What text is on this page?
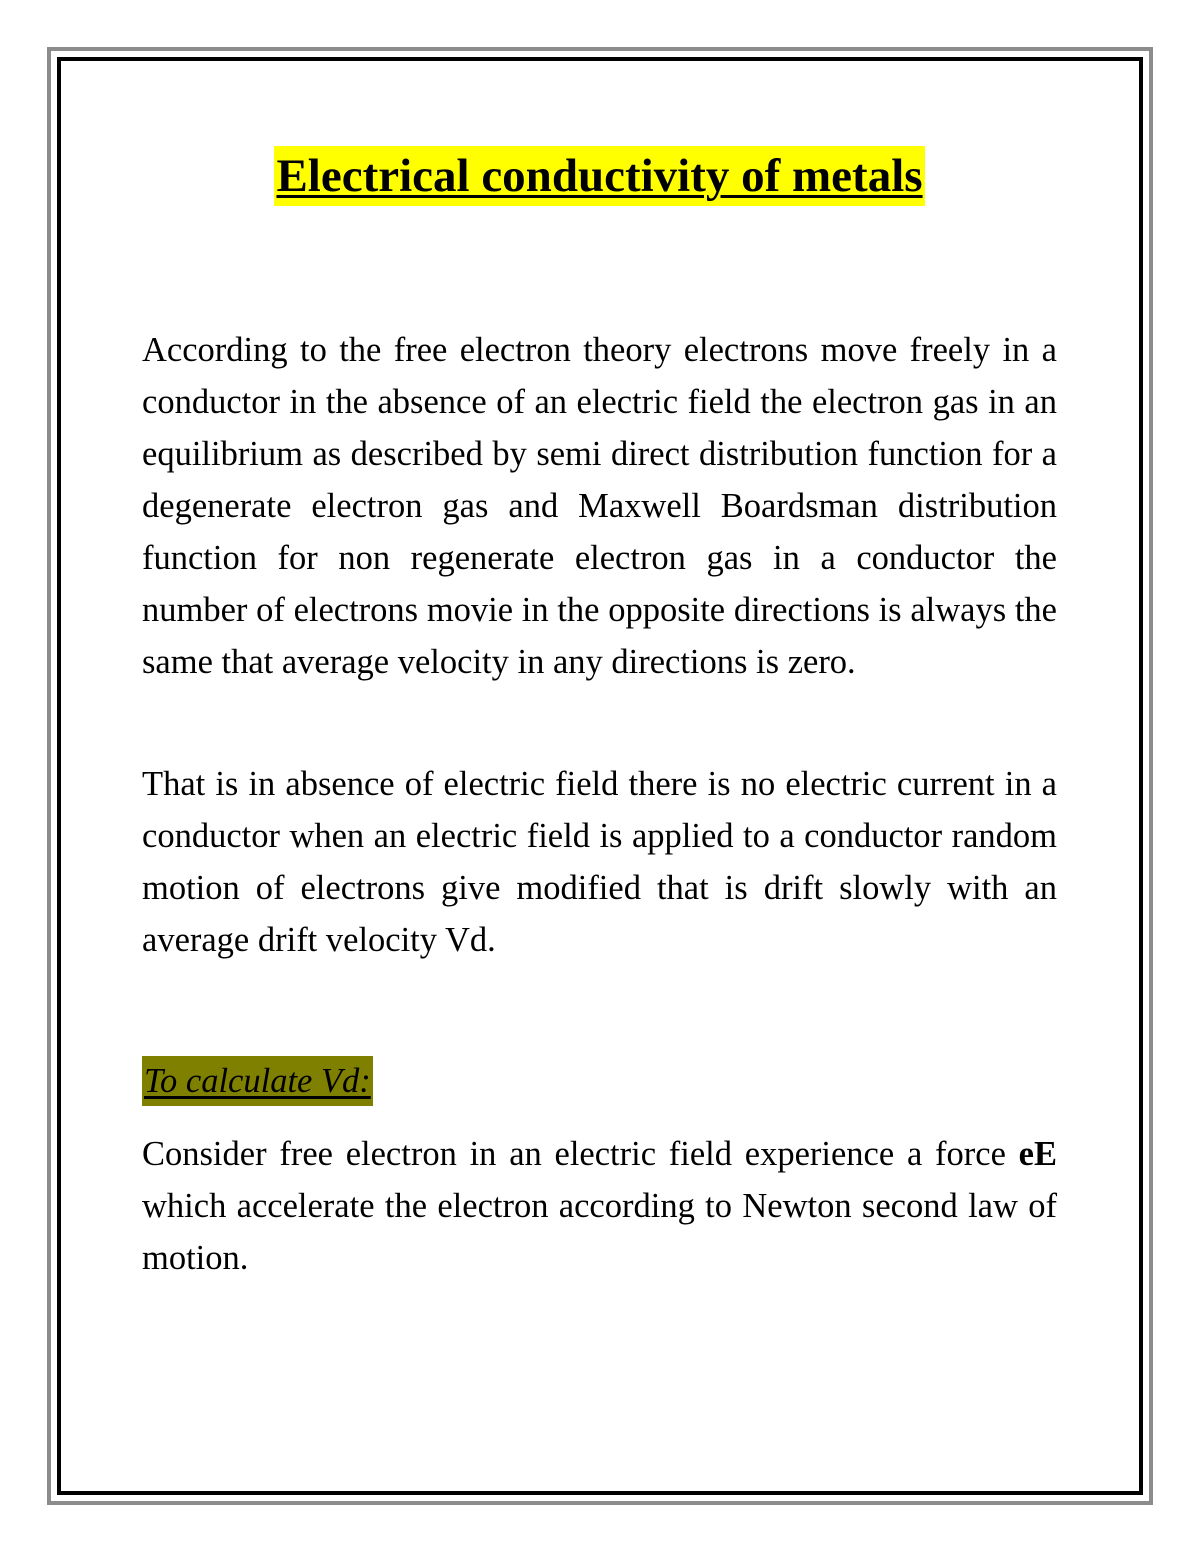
Electrical conductivity of metals

According to the free electron theory electrons move freely in a conductor in the absence of an electric field the electron gas in an equilibrium as described by semi direct distribution function for a degenerate electron gas and Maxwell Boardsman distribution function for non regenerate electron gas in a conductor the number of electrons movie in the opposite directions is always the same that average velocity in any directions is zero.

That is in absence of electric field there is no electric current in a conductor when an electric field is applied to a conductor random motion of electrons give modified that is drift slowly with an average drift velocity Vd.

To calculate Vd:

Consider free electron in an electric field experience a force eE which accelerate the electron according to Newton second law of motion.
